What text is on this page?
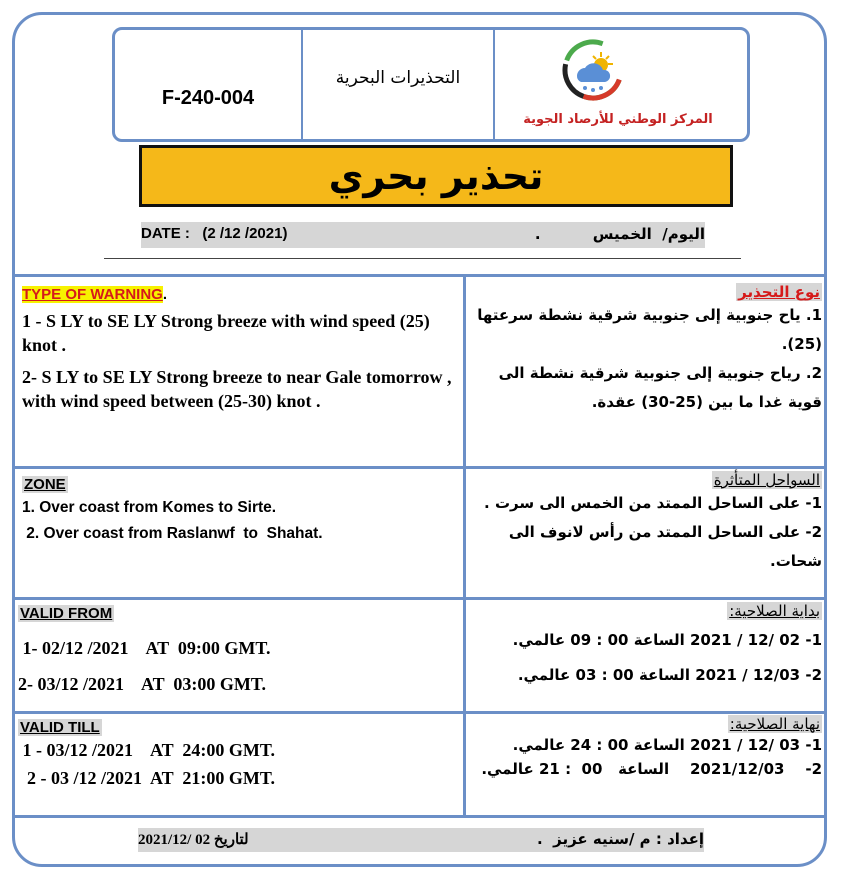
F-240-004
التحذيرات البحرية
المركز الوطني للأرصاد الجوية
تحذير بحري
DATE :   (2 /12 /2021)	اليوم/  الخميس          .

TYPE OF WARNING.

1 - S LY to SE LY Strong breeze with wind speed (25) knot .

2- S LY to SE LY Strong breeze to near Gale tomorrow , with wind speed between (25-30) knot .

نوع التحذير

1. ياح جنوبية إلى جنوبية شرقية نشطة سرعتها (25).

2. رياح جنوبية إلى جنوبية شرقية نشطة الى قوية غدا ما بين (25-30) عقدة.

ZONE

1. Over coast from Komes to Sirte.

2. Over coast from Raslanwf  to  Shahat.

السواحل المتأثرة

1- على الساحل الممتد من الخمس الى سرت .

2- على الساحل الممتد من رأس لانوف الى شحات.

VALID FROM

1- 02/12 /2021    AT  09:00 GMT.

2- 03/12 /2021    AT  03:00 GMT.

بداية الصلاحية:

1- 02 /12 / 2021 الساعة 00 : 09 عالمي.

2- 12/03 / 2021 الساعة 00 : 03 عالمي.

VALID TILL

1 - 03/12 /2021    AT  24:00 GMT.

2 - 03 /12 /2021  AT  21:00 GMT.

نهاية الصلاحية:

1- 03 /12 / 2021 الساعة 00 : 24 عالمي.

2-    2021/12/03    الساعة   00  : 21 عالمي.

لتاريخ 02 /2021/12	إعداد : م /سنيه عزيز  .
